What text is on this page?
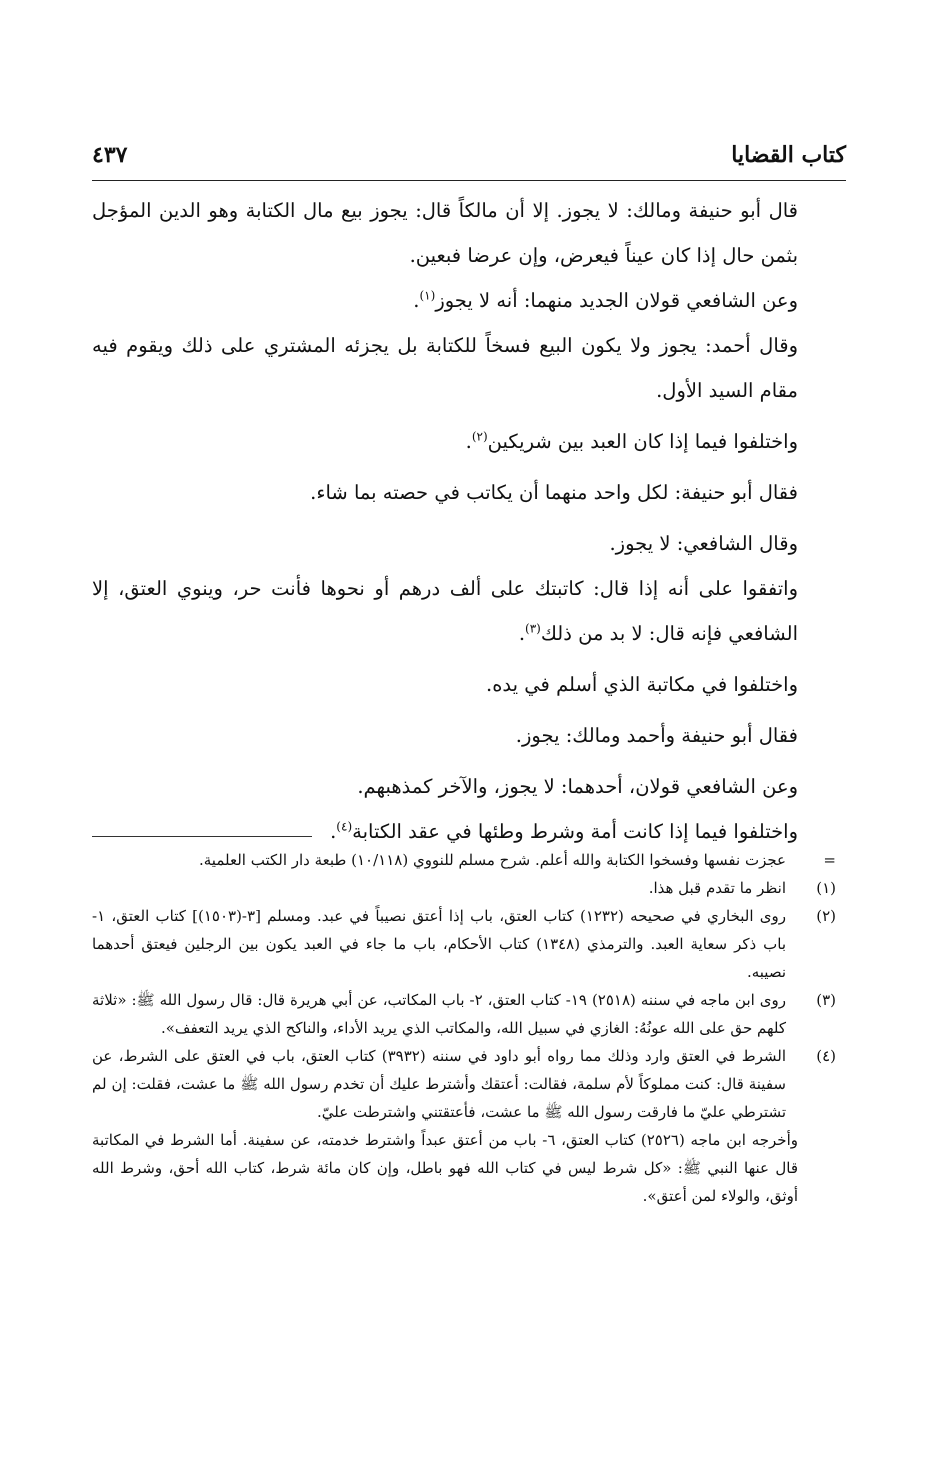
كتاب القضايا
٤٣٧

قال أبو حنيفة ومالك: لا يجوز. إلا أن مالكاً قال: يجوز بيع مال الكتابة وهو الدين المؤجل بثمن حال إذا كان عيناً فيعرض، وإن عرضا فبعين.

وعن الشافعي قولان الجديد منهما: أنه لا يجوز$^{(١)}$.

وقال أحمد: يجوز ولا يكون البيع فسخاً للكتابة بل يجزئه المشتري على ذلك ويقوم فيه مقام السيد الأول.

واختلفوا فيما إذا كان العبد بين شريكين$^{(٢)}$.

فقال أبو حنيفة: لكل واحد منهما أن يكاتب في حصته بما شاء.

وقال الشافعي: لا يجوز.

واتفقوا على أنه إذا قال: كاتبتك على ألف درهم أو نحوها فأنت حر، وينوي العتق، إلا الشافعي فإنه قال: لا بد من ذلك$^{(٣)}$.

واختلفوا في مكاتبة الذي أسلم في يده.

فقال أبو حنيفة وأحمد ومالك: يجوز.

وعن الشافعي قولان، أحدهما: لا يجوز، والآخر كمذهبهم.

واختلفوا فيما إذا كانت أمة وشرط وطئها في عقد الكتابة$^{(٤)}$.

=
عجزت نفسها وفسخوا الكتابة والله أعلم. شرح مسلم للنووي (١٠/١١٨) طبعة دار الكتب العلمية.
(١)
انظر ما تقدم قبل هذا.
(٢)
روى البخاري في صحيحه (١٢٣٢) كتاب العتق، باب إذا أعتق نصيباً في عبد. ومسلم [٣-(١٥٠٣)] كتاب العتق، ١- باب ذكر سعاية العبد. والترمذي (١٣٤٨) كتاب الأحكام، باب ما جاء في العبد يكون بين الرجلين فيعتق أحدهما نصيبه.
(٣)
روى ابن ماجه في سننه (٢٥١٨) ١٩- كتاب العتق، ٢- باب المكاتب، عن أبي هريرة قال: قال رسول الله ﷺ: «ثلاثة كلهم حق على الله عونُهُ: الغازي في سبيل الله، والمكاتب الذي يريد الأداء، والناكح الذي يريد التعفف».
(٤)
الشرط في العتق وارد وذلك مما رواه أبو داود في سننه (٣٩٣٢) كتاب العتق، باب في العتق على الشرط، عن سفينة قال: كنت مملوكاً لأم سلمة، فقالت: أعتقك وأشترط عليك أن تخدم رسول الله ﷺ ما عشت، فقلت: إن لم تشترطي عليّ ما فارقت رسول الله ﷺ ما عشت، فأعتقتني واشترطت عليّ.
وأخرجه ابن ماجه (٢٥٢٦) كتاب العتق، ٦- باب من أعتق عبداً واشترط خدمته، عن سفينة. أما الشرط في المكاتبة قال عنها النبي ﷺ: «كل شرط ليس في كتاب الله فهو باطل، وإن كان مائة شرط، كتاب الله أحق، وشرط الله أوثق، والولاء لمن أعتق».
